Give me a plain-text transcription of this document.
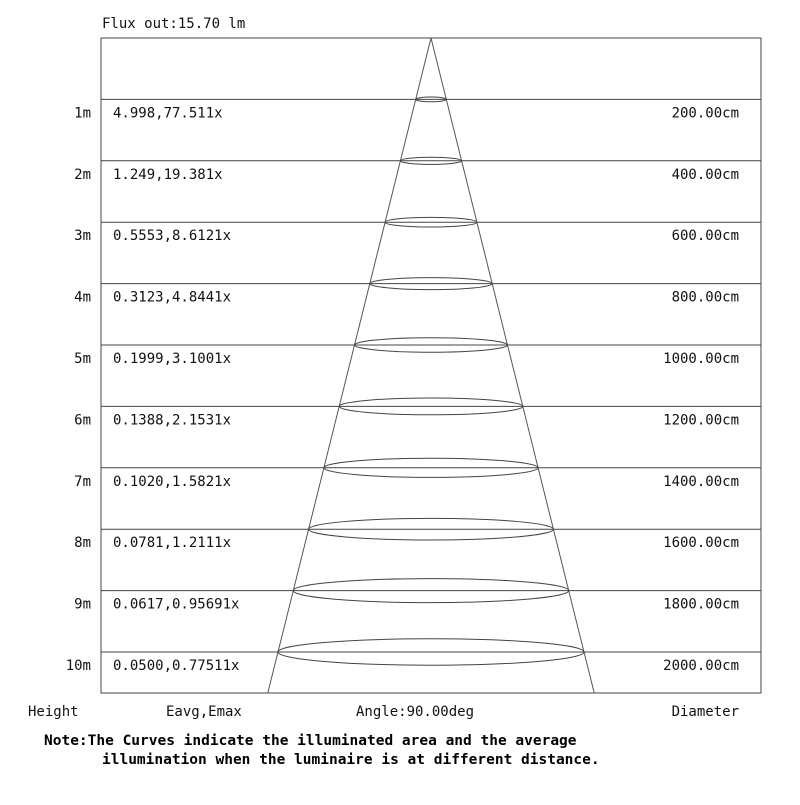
Flux out:15.70 lm
1m 4.998,77.511x	200.00cm
2m 1.249,19.381x	400.00cm
3m 0.5553,8.6121x	600.00cm
4m 0.3123,4.8441x	800.00cm
5m 0.1999,3.1001x	1000.00cm
6m 0.1388,2.1531x	1200.00cm
7m 0.1020,1.5821x	1400.00cm
8m 0.0781,1.2111x	1600.00cm
9m 0.0617,0.95691x	1800.00cm
10m 0.0500,0.77511x	2000.00cm
Height	Eavg,Emax	Angle:90.00deg	Diameter
Note:The Curves indicate the illuminated area and the average
illumination when the luminaire is at different distance.
